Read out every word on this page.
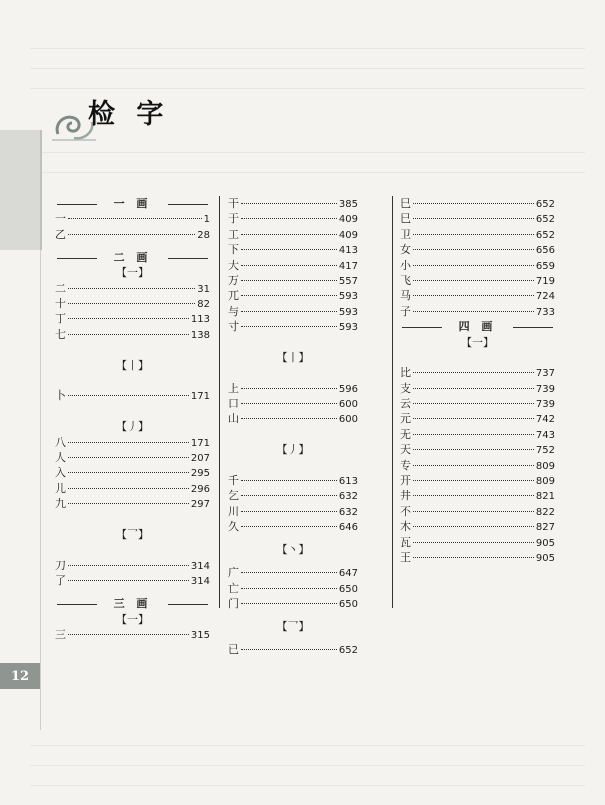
12
检 字
一 画
一	1
乙	28
二 画
【一】
二	31
十	82
丁	113
七	138
【丨】
卜	171
【丿】
八	171
人	207
入	295
儿	296
九	297
【乛】
刀	314
了	314
三 画
【一】
三	315
干	385
于	409
工	409
下	413
大	417
万	557
兀	593
与	593
寸	593
【丨】
上	596
口	600
山	600
【丿】
千	613
乞	632
川	632
久	646
【丶】
广	647
亡	650
门	650
【乛】
已	652
巳	652
巳	652
卫	652
女	656
小	659
飞	719
马	724
子	733
四 画
【一】
比	737
支	739
云	739
元	742
无	743
天	752
专	809
开	809
井	821
不	822
木	827
瓦	905
王	905
